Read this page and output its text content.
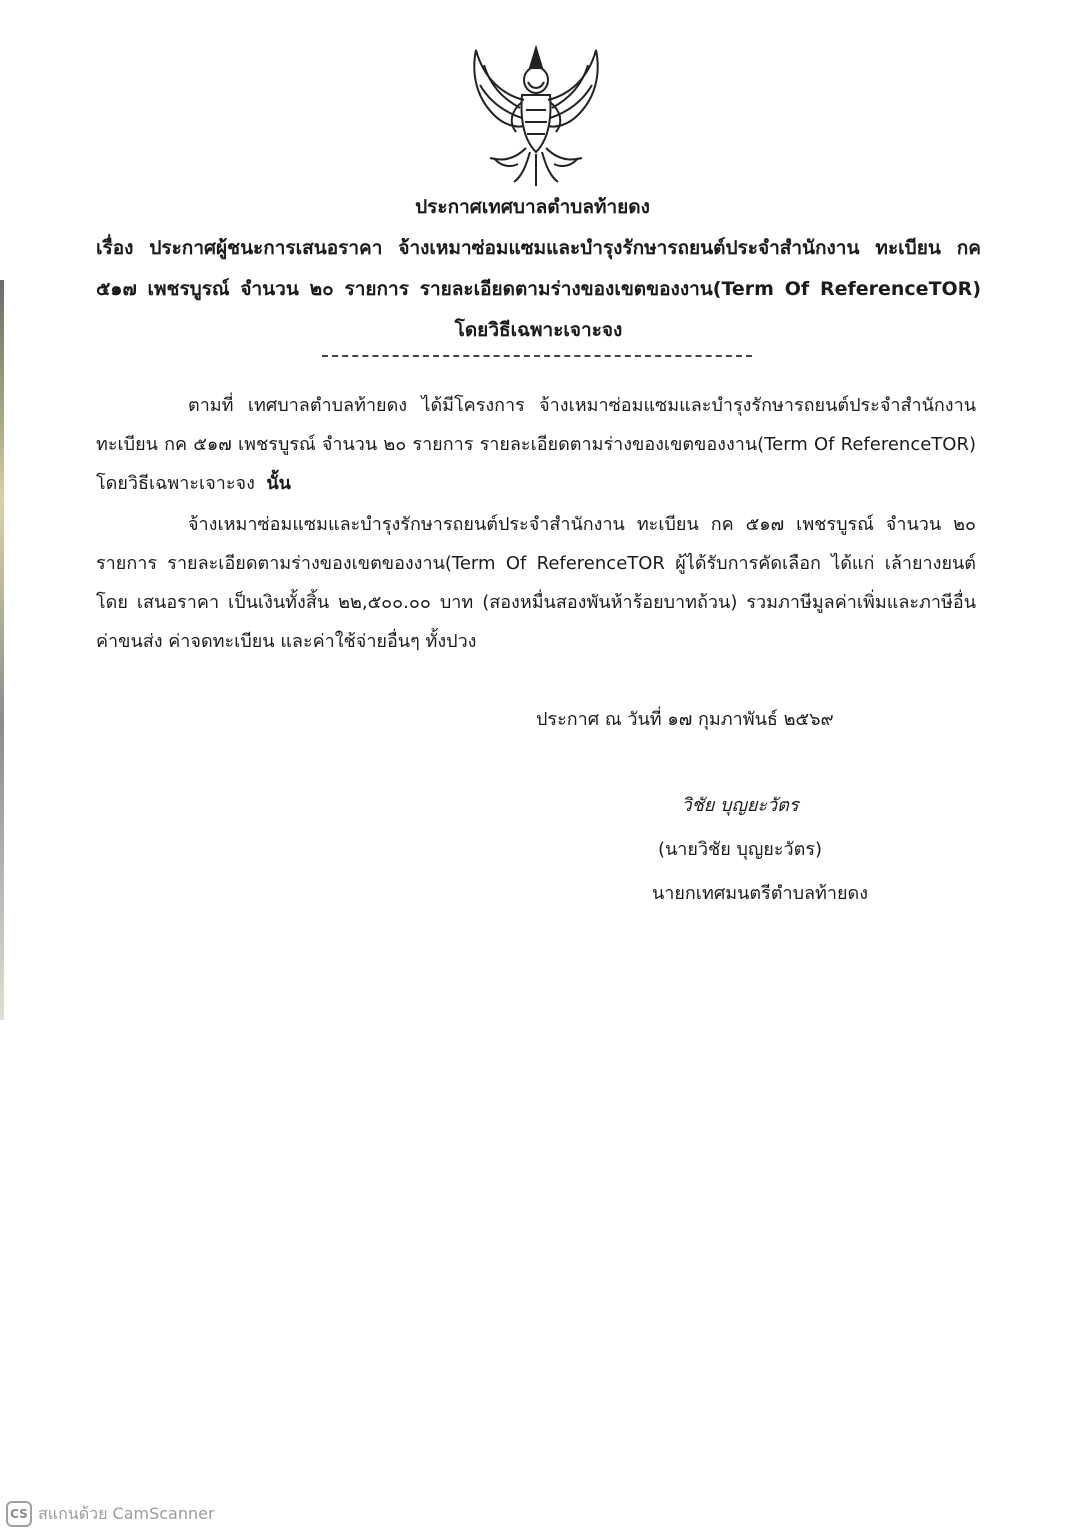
ประกาศเทศบาลตำบลท้ายดง
เรื่อง ประกาศผู้ชนะการเสนอราคา จ้างเหมาซ่อมแซมและบำรุงรักษารถยนต์ประจำสำนักงาน ทะเบียน กค ๕๑๗ เพชรบูรณ์ จำนวน ๒๐ รายการ รายละเอียดตามร่างของเขตของงาน(Term Of ReferenceTOR) โดยวิธีเฉพาะเจาะจง
ตามที่ เทศบาลตำบลท้ายดง ได้มีโครงการ จ้างเหมาซ่อมแซมและบำรุงรักษารถยนต์ประจำสำนักงาน ทะเบียน กค ๕๑๗ เพชรบูรณ์ จำนวน ๒๐ รายการ รายละเอียดตามร่างของเขตของงาน(Term Of ReferenceTOR) โดยวิธีเฉพาะเจาะจง นั้น
จ้างเหมาซ่อมแซมและบำรุงรักษารถยนต์ประจำสำนักงาน ทะเบียน กค ๕๑๗ เพชรบูรณ์ จำนวน ๒๐ รายการ รายละเอียดตามร่างของเขตของงาน(Term Of ReferenceTOR ผู้ได้รับการคัดเลือก ได้แก่ เล้ายางยนต์ โดย เสนอราคา เป็นเงินทั้งสิ้น ๒๒,๕๐๐.๐๐ บาท (สองหมื่นสองพันห้าร้อยบาทถ้วน) รวมภาษีมูลค่าเพิ่มและภาษีอื่น ค่าขนส่ง ค่าจดทะเบียน และค่าใช้จ่ายอื่นๆ ทั้งปวง
ประกาศ ณ วันที่ ๑๗ กุมภาพันธ์ ๒๕๖๙
วิชัย บุญยะวัตร
(นายวิชัย บุญยะวัตร)
นายกเทศมนตรีตำบลท้ายดง
CS สแกนด้วย CamScanner
